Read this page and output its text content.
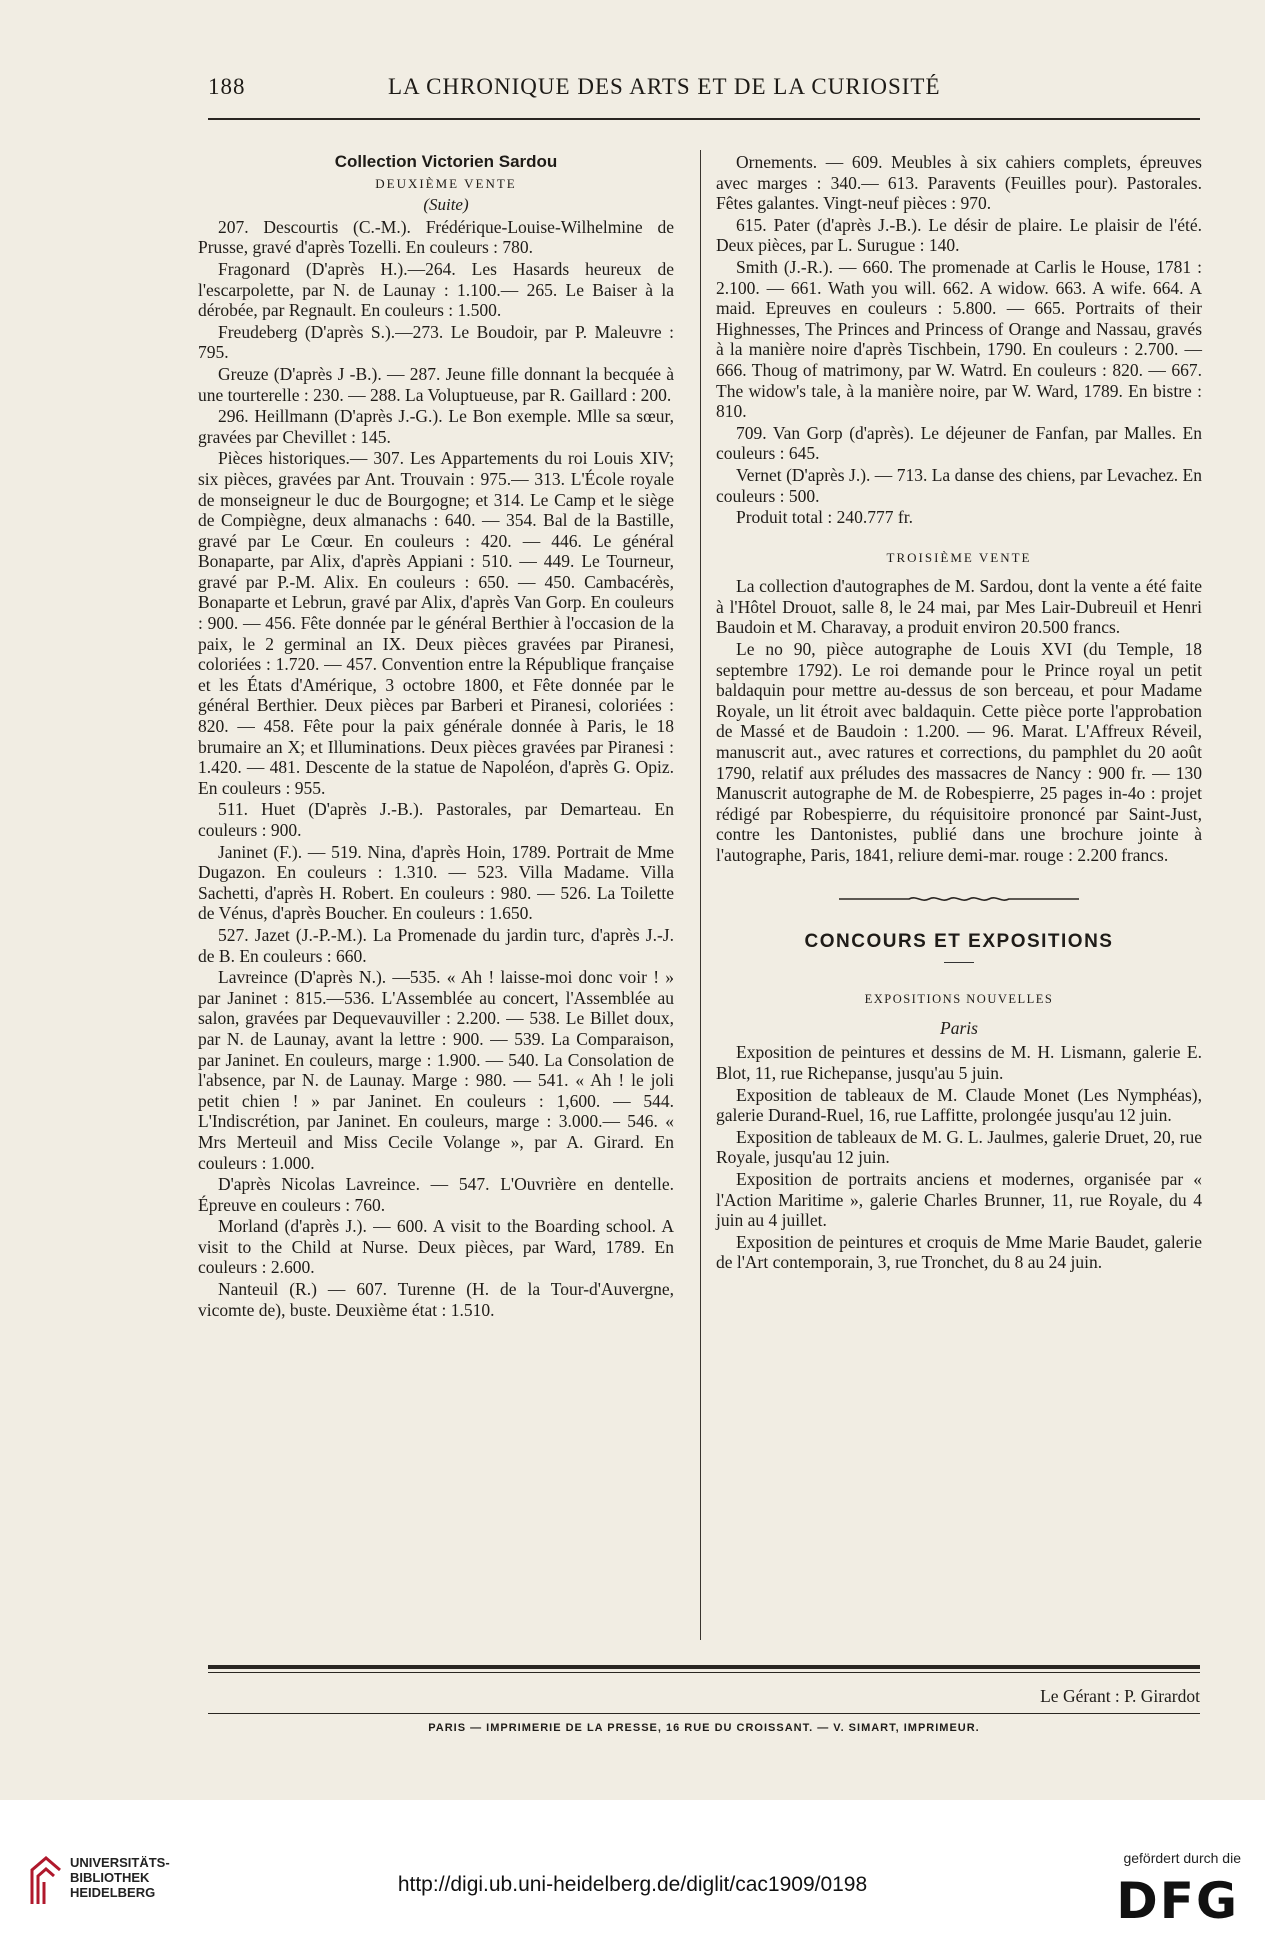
188	LA CHRONIQUE DES ARTS ET DE LA CURIOSITÉ

Collection Victorien Sardou

DEUXIÈME VENTE

(Suite)

207. Descourtis (C.-M.). Frédérique-Louise-Wilhelmine de Prusse, gravé d'après Tozelli. En couleurs : 780.

Fragonard (D'après H.).—264. Les Hasards heureux de l'escarpolette, par N. de Launay : 1.100.— 265. Le Baiser à la dérobée, par Regnault. En couleurs : 1.500.

Freudeberg (D'après S.).—273. Le Boudoir, par P. Maleuvre : 795.

Greuze (D'après J -B.). — 287. Jeune fille donnant la becquée à une tourterelle : 230. — 288. La Voluptueuse, par R. Gaillard : 200.

296. Heillmann (D'après J.-G.). Le Bon exemple. Mlle sa sœur, gravées par Chevillet : 145.

Pièces historiques.— 307. Les Appartements du roi Louis XIV; six pièces, gravées par Ant. Trouvain : 975.— 313. L'École royale de monseigneur le duc de Bourgogne; et 314. Le Camp et le siège de Compiègne, deux almanachs : 640. — 354. Bal de la Bastille, gravé par Le Cœur. En couleurs : 420. — 446. Le général Bonaparte, par Alix, d'après Appiani : 510. — 449. Le Tourneur, gravé par P.-M. Alix. En couleurs : 650. — 450. Cambacérès, Bonaparte et Lebrun, gravé par Alix, d'après Van Gorp. En couleurs : 900. — 456. Fête donnée par le général Berthier à l'occasion de la paix, le 2 germinal an IX. Deux pièces gravées par Piranesi, coloriées : 1.720. — 457. Convention entre la République française et les États d'Amérique, 3 octobre 1800, et Fête donnée par le général Berthier. Deux pièces par Barberi et Piranesi, coloriées : 820. — 458. Fête pour la paix générale donnée à Paris, le 18 brumaire an X; et Illuminations. Deux pièces gravées par Piranesi : 1.420. — 481. Descente de la statue de Napoléon, d'après G. Opiz. En couleurs : 955.

511. Huet (D'après J.-B.). Pastorales, par Demarteau. En couleurs : 900.

Janinet (F.). — 519. Nina, d'après Hoin, 1789. Portrait de Mme Dugazon. En couleurs : 1.310. — 523. Villa Madame. Villa Sachetti, d'après H. Robert. En couleurs : 980. — 526. La Toilette de Vénus, d'après Boucher. En couleurs : 1.650.

527. Jazet (J.-P.-M.). La Promenade du jardin turc, d'après J.-J. de B. En couleurs : 660.

Lavreince (D'après N.). —535. « Ah ! laisse-moi donc voir ! » par Janinet : 815.—536. L'Assemblée au concert, l'Assemblée au salon, gravées par Dequevauviller : 2.200. — 538. Le Billet doux, par N. de Launay, avant la lettre : 900. — 539. La Comparaison, par Janinet. En couleurs, marge : 1.900. — 540. La Consolation de l'absence, par N. de Launay. Marge : 980. — 541. « Ah ! le joli petit chien ! » par Janinet. En couleurs : 1,600. — 544. L'Indiscrétion, par Janinet. En couleurs, marge : 3.000.— 546. « Mrs Merteuil and Miss Cecile Volange », par A. Girard. En couleurs : 1.000.

D'après Nicolas Lavreince. — 547. L'Ouvrière en dentelle. Épreuve en couleurs : 760.

Morland (d'après J.). — 600. A visit to the Boarding school. A visit to the Child at Nurse. Deux pièces, par Ward, 1789. En couleurs : 2.600.

Nanteuil (R.) — 607. Turenne (H. de la Tour-d'Auvergne, vicomte de), buste. Deuxième état : 1.510.

Ornements. — 609. Meubles à six cahiers complets, épreuves avec marges : 340.— 613. Paravents (Feuilles pour). Pastorales. Fêtes galantes. Vingt-neuf pièces : 970.

615. Pater (d'après J.-B.). Le désir de plaire. Le plaisir de l'été. Deux pièces, par L. Surugue : 140.

Smith (J.-R.). — 660. The promenade at Carlis le House, 1781 : 2.100. — 661. Wath you will. 662. A widow. 663. A wife. 664. A maid. Epreuves en couleurs : 5.800. — 665. Portraits of their Highnesses, The Princes and Princess of Orange and Nassau, gravés à la manière noire d'après Tischbein, 1790. En couleurs : 2.700. — 666. Thoug of matrimony, par W. Watrd. En couleurs : 820. — 667. The widow's tale, à la manière noire, par W. Ward, 1789. En bistre : 810.

709. Van Gorp (d'après). Le déjeuner de Fanfan, par Malles. En couleurs : 645.

Vernet (D'après J.). — 713. La danse des chiens, par Levachez. En couleurs : 500.

Produit total : 240.777 fr.

TROISIÈME VENTE

La collection d'autographes de M. Sardou, dont la vente a été faite à l'Hôtel Drouot, salle 8, le 24 mai, par Mes Lair-Dubreuil et Henri Baudoin et M. Charavay, a produit environ 20.500 francs.

Le no 90, pièce autographe de Louis XVI (du Temple, 18 septembre 1792). Le roi demande pour le Prince royal un petit baldaquin pour mettre au-dessus de son berceau, et pour Madame Royale, un lit étroit avec baldaquin. Cette pièce porte l'approbation de Massé et de Baudoin : 1.200. — 96. Marat. L'Affreux Réveil, manuscrit aut., avec ratures et corrections, du pamphlet du 20 août 1790, relatif aux préludes des massacres de Nancy : 900 fr. — 130 Manuscrit autographe de M. de Robespierre, 25 pages in-4o : projet rédigé par Robespierre, du réquisitoire prononcé par Saint-Just, contre les Dantonistes, publié dans une brochure jointe à l'autographe, Paris, 1841, reliure demi-mar. rouge : 2.200 francs.

CONCOURS ET EXPOSITIONS
EXPOSITIONS NOUVELLES
Paris

Exposition de peintures et dessins de M. H. Lismann, galerie E. Blot, 11, rue Richepanse, jusqu'au 5 juin.

Exposition de tableaux de M. Claude Monet (Les Nymphéas), galerie Durand-Ruel, 16, rue Laffitte, prolongée jusqu'au 12 juin.

Exposition de tableaux de M. G. L. Jaulmes, galerie Druet, 20, rue Royale, jusqu'au 12 juin.

Exposition de portraits anciens et modernes, organisée par « l'Action Maritime », galerie Charles Brunner, 11, rue Royale, du 4 juin au 4 juillet.

Exposition de peintures et croquis de Mme Marie Baudet, galerie de l'Art contemporain, 3, rue Tronchet, du 8 au 24 juin.

Le Gérant : P. Girardot
PARIS — IMPRIMERIE DE LA PRESSE, 16 RUE DU CROISSANT. — V. SIMART, IMPRIMEUR.
UNIVERSITÄTS-
BIBLIOTHEK
HEIDELBERG	http://digi.ub.uni-heidelberg.de/diglit/cac1909/0198
gefördert durch die
DFG
